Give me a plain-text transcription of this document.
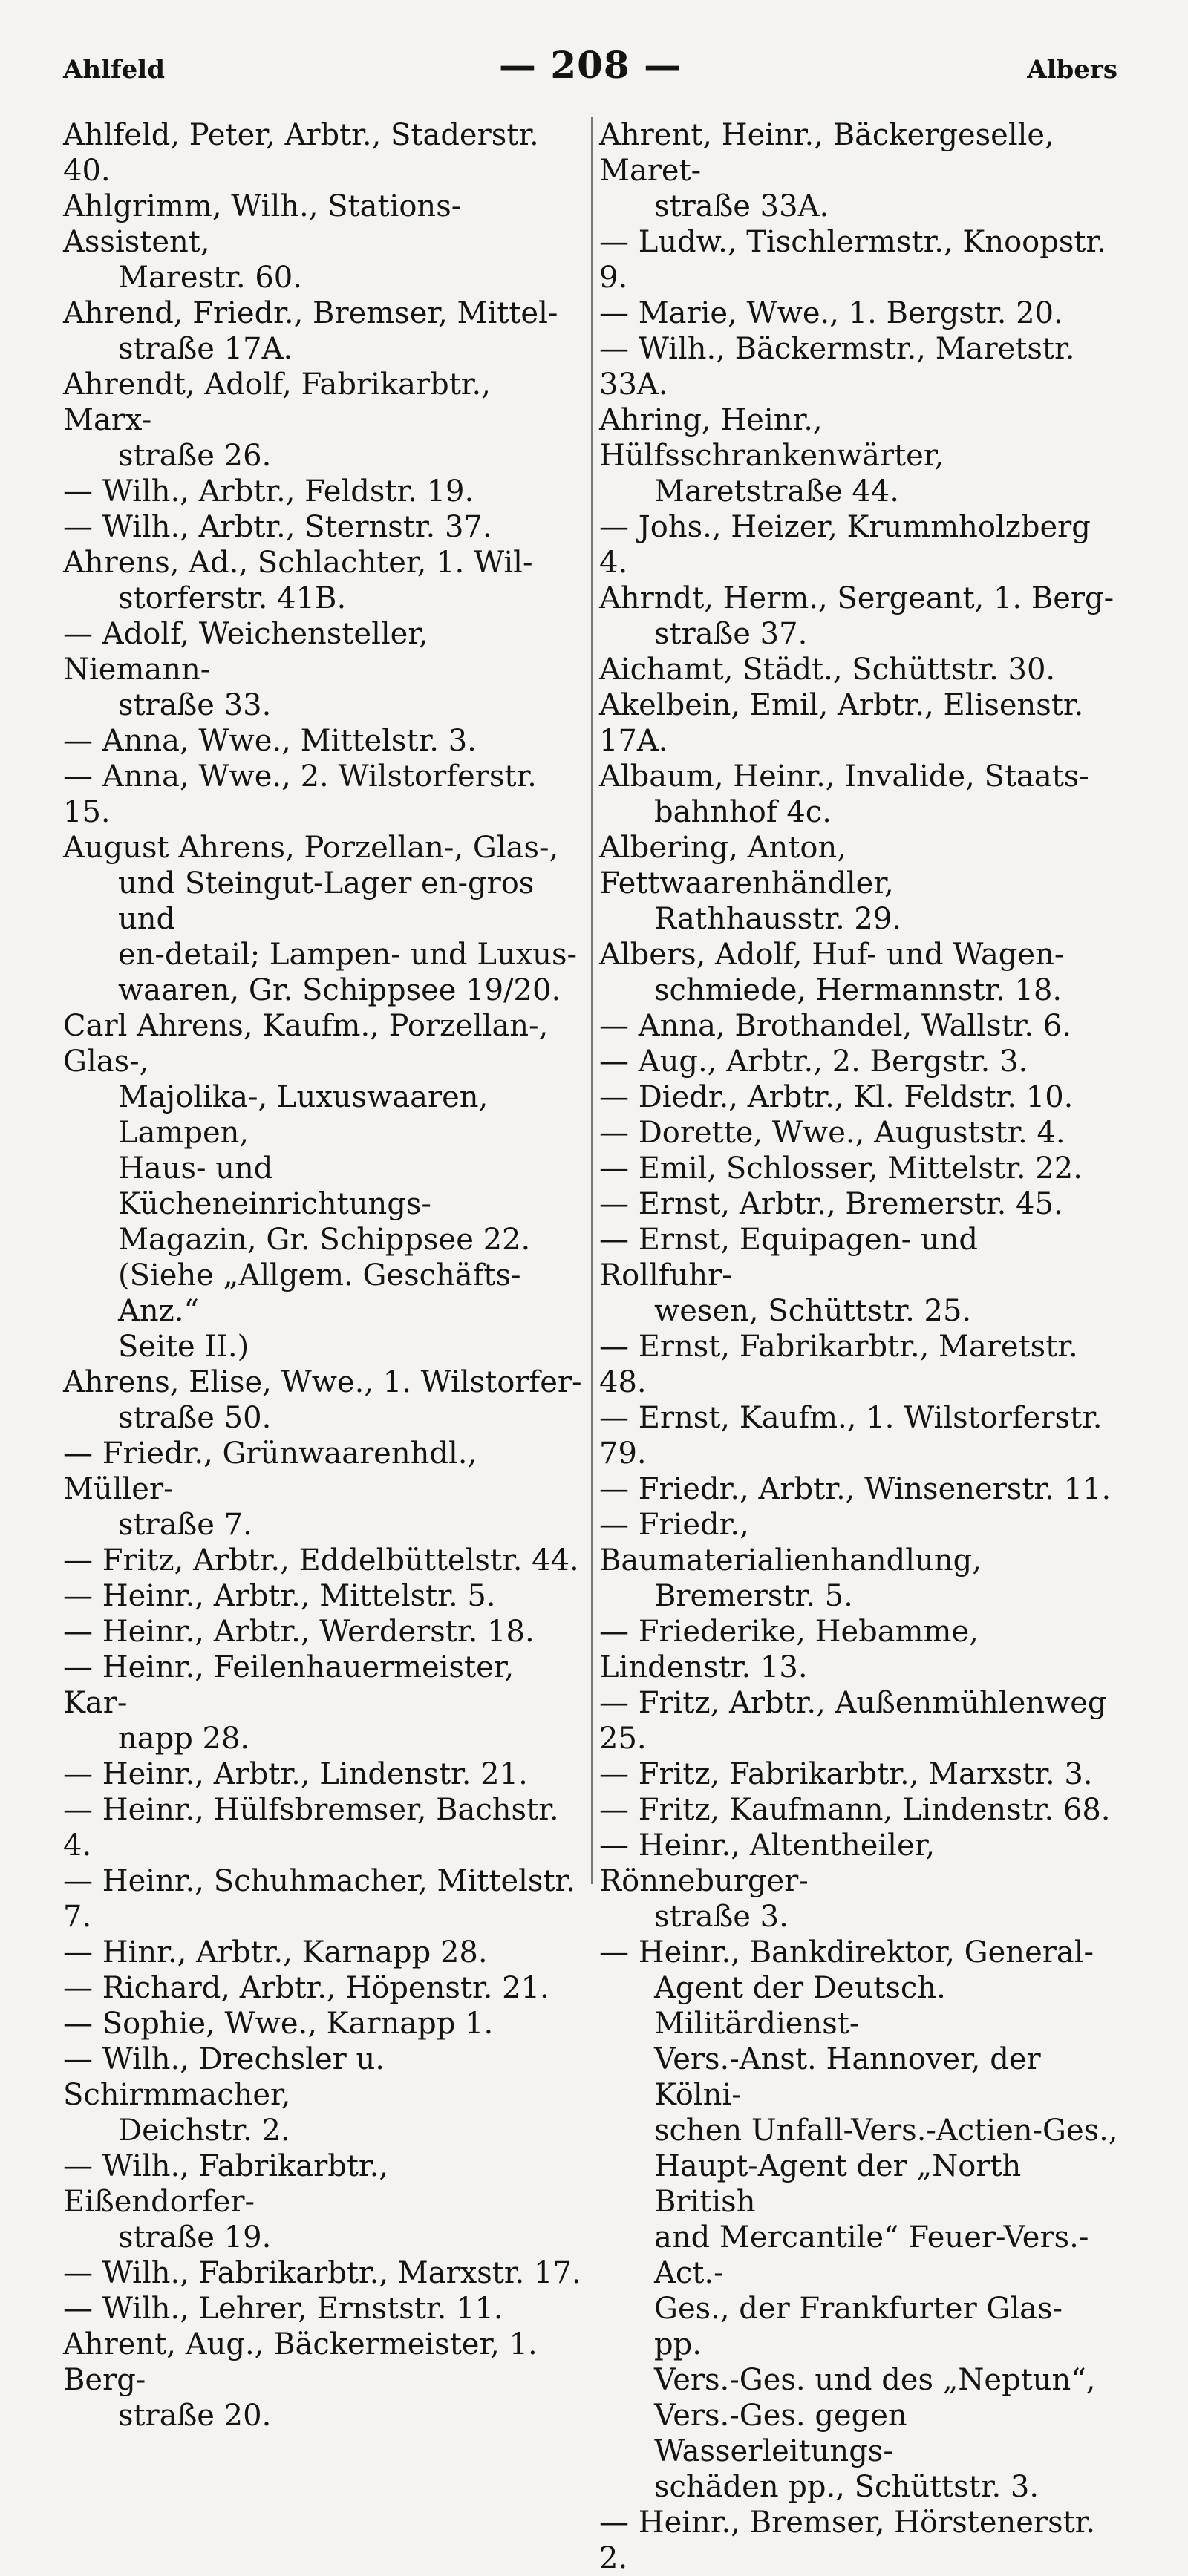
Ahlfeld	— 208 —	Albers
Ahlfeld, Peter, Arbtr., Staderstr. 40.
Ahlgrimm, Wilh., Stations-Assistent,
Marestr. 60.
Ahrend, Friedr., Bremser, Mittel-
straße 17A.
Ahrendt, Adolf, Fabrikarbtr., Marx-
straße 26.
— Wilh., Arbtr., Feldstr. 19.
— Wilh., Arbtr., Sternstr. 37.
Ahrens, Ad., Schlachter, 1. Wil-
storferstr. 41B.
— Adolf, Weichensteller, Niemann-
straße 33.
— Anna, Wwe., Mittelstr. 3.
— Anna, Wwe., 2. Wilstorferstr. 15.
August Ahrens, Porzellan-, Glas-,
und Steingut-Lager en-gros und
en-detail; Lampen- und Luxus-
waaren, Gr. Schippsee 19/20.
Carl Ahrens, Kaufm., Porzellan-, Glas-,
Majolika-, Luxuswaaren, Lampen,
Haus- und Kücheneinrichtungs-
Magazin, Gr. Schippsee 22.
(Siehe „Allgem. Geschäfts-Anz.“
Seite II.)
Ahrens, Elise, Wwe., 1. Wilstorfer-
straße 50.
— Friedr., Grünwaarenhdl., Müller-
straße 7.
— Fritz, Arbtr., Eddelbüttelstr. 44.
— Heinr., Arbtr., Mittelstr. 5.
— Heinr., Arbtr., Werderstr. 18.
— Heinr., Feilenhauermeister, Kar-
napp 28.
— Heinr., Arbtr., Lindenstr. 21.
— Heinr., Hülfsbremser, Bachstr. 4.
— Heinr., Schuhmacher, Mittelstr. 7.
— Hinr., Arbtr., Karnapp 28.
— Richard, Arbtr., Höpenstr. 21.
— Sophie, Wwe., Karnapp 1.
— Wilh., Drechsler u. Schirmmacher,
Deichstr. 2.
— Wilh., Fabrikarbtr., Eißendorfer-
straße 19.
— Wilh., Fabrikarbtr., Marxstr. 17.
— Wilh., Lehrer, Ernststr. 11.
Ahrent, Aug., Bäckermeister, 1. Berg-
straße 20.
Ahrent, Heinr., Bäckergeselle, Maret-
straße 33A.
— Ludw., Tischlermstr., Knoopstr. 9.
— Marie, Wwe., 1. Bergstr. 20.
— Wilh., Bäckermstr., Maretstr. 33A.
Ahring, Heinr., Hülfsschrankenwärter,
Maretstraße 44.
— Johs., Heizer, Krummholzberg 4.
Ahrndt, Herm., Sergeant, 1. Berg-
straße 37.
Aichamt, Städt., Schüttstr. 30.
Akelbein, Emil, Arbtr., Elisenstr. 17A.
Albaum, Heinr., Invalide, Staats-
bahnhof 4c.
Albering, Anton, Fettwaarenhändler,
Rathhausstr. 29.
Albers, Adolf, Huf- und Wagen-
schmiede, Hermannstr. 18.
— Anna, Brothandel, Wallstr. 6.
— Aug., Arbtr., 2. Bergstr. 3.
— Diedr., Arbtr., Kl. Feldstr. 10.
— Dorette, Wwe., Auguststr. 4.
— Emil, Schlosser, Mittelstr. 22.
— Ernst, Arbtr., Bremerstr. 45.
— Ernst, Equipagen- und Rollfuhr-
wesen, Schüttstr. 25.
— Ernst, Fabrikarbtr., Maretstr. 48.
— Ernst, Kaufm., 1. Wilstorferstr. 79.
— Friedr., Arbtr., Winsenerstr. 11.
— Friedr., Baumaterialienhandlung,
Bremerstr. 5.
— Friederike, Hebamme, Lindenstr. 13.
— Fritz, Arbtr., Außenmühlenweg 25.
— Fritz, Fabrikarbtr., Marxstr. 3.
— Fritz, Kaufmann, Lindenstr. 68.
— Heinr., Altentheiler, Rönneburger-
straße 3.
— Heinr., Bankdirektor, General-
Agent der Deutsch. Militärdienst-
Vers.-Anst. Hannover, der Kölni-
schen Unfall-Vers.-Actien-Ges.,
Haupt-Agent der „North British
and Mercantile“ Feuer-Vers.-Act.-
Ges., der Frankfurter Glas- pp.
Vers.-Ges. und des „Neptun“,
Vers.-Ges. gegen Wasserleitungs-
schäden pp., Schüttstr. 3.
— Heinr., Bremser, Hörstenerstr. 2.
